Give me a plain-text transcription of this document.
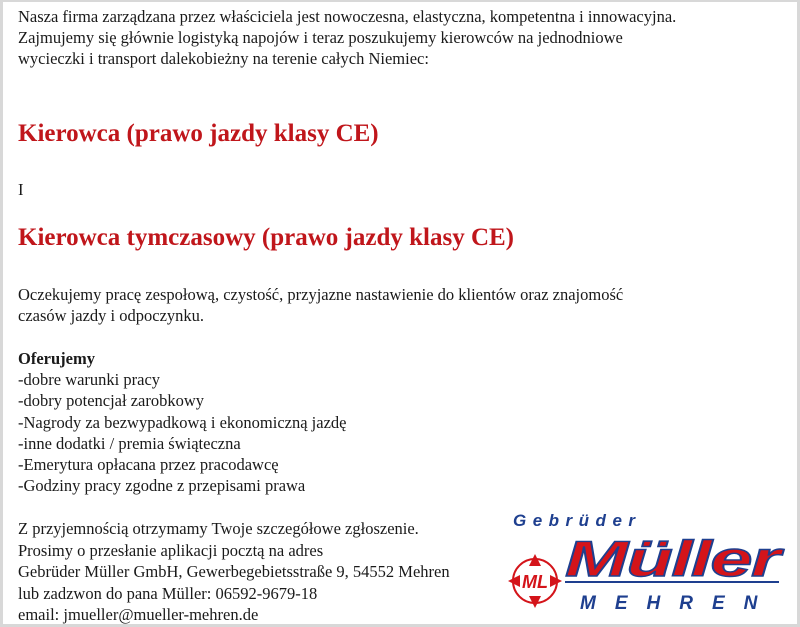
Nasza firma zarządzana przez właściciela jest nowoczesna, elastyczna, kompetentna i innowacyjna.
Zajmujemy się głównie logistyką napojów i teraz poszukujemy kierowców na jednodniowe
wycieczki i transport dalekobieżny na terenie całych Niemiec:

Kierowca (prawo jazdy klasy CE)
I
Kierowca tymczasowy (prawo jazdy klasy CE)
Oczekujemy pracę zespołową, czystość, przyjazne nastawienie do klientów oraz znajomość
czasów jazdy i odpoczynku.
Oferujemy
-dobre warunki pracy
-dobry potencjał zarobkowy
-Nagrody za bezwypadkową i ekonomiczną jazdę
-inne dodatki / premia świąteczna
-Emerytura opłacana przez pracodawcę
-Godziny pracy zgodne z przepisami prawa
Z przyjemnością otrzymamy Twoje szczegółowe zgłoszenie.
Prosimy o przesłanie aplikacji pocztą na adres
Gebrüder Müller GmbH, Gewerbegebietsstraße 9, 54552 Mehren
lub zadzwon do pana Müller: 06592-9679-18
email: jmueller@mueller-mehren.de
Gebrüder
ML Müller
MEHREN
